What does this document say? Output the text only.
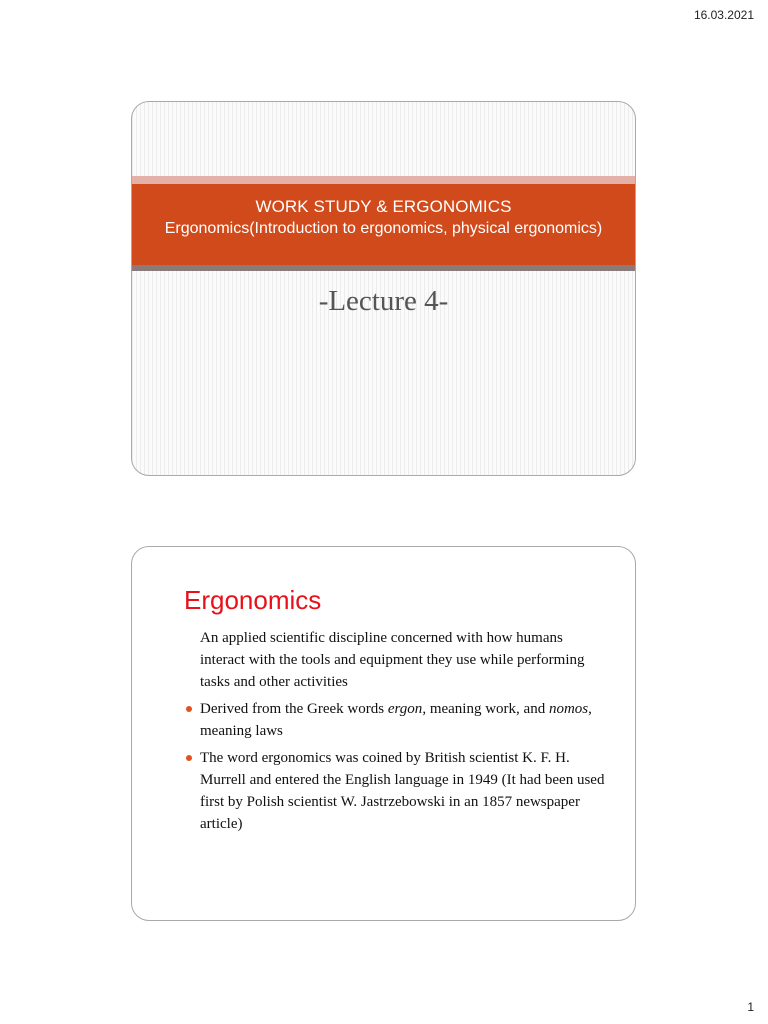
16.03.2021
WORK STUDY & ERGONOMICS
Ergonomics(Introduction to ergonomics, physical ergonomics)
-Lecture 4-
Ergonomics

An applied scientific discipline concerned with how humans interact with the tools and equipment they use while performing tasks and other activities

Derived from the Greek words ergon, meaning work, and nomos, meaning laws
The word ergonomics was coined by British scientist K. F. H. Murrell and entered the English language in 1949 (It had been used first by Polish scientist W. Jastrzebowski in an 1857 newspaper article)
1
